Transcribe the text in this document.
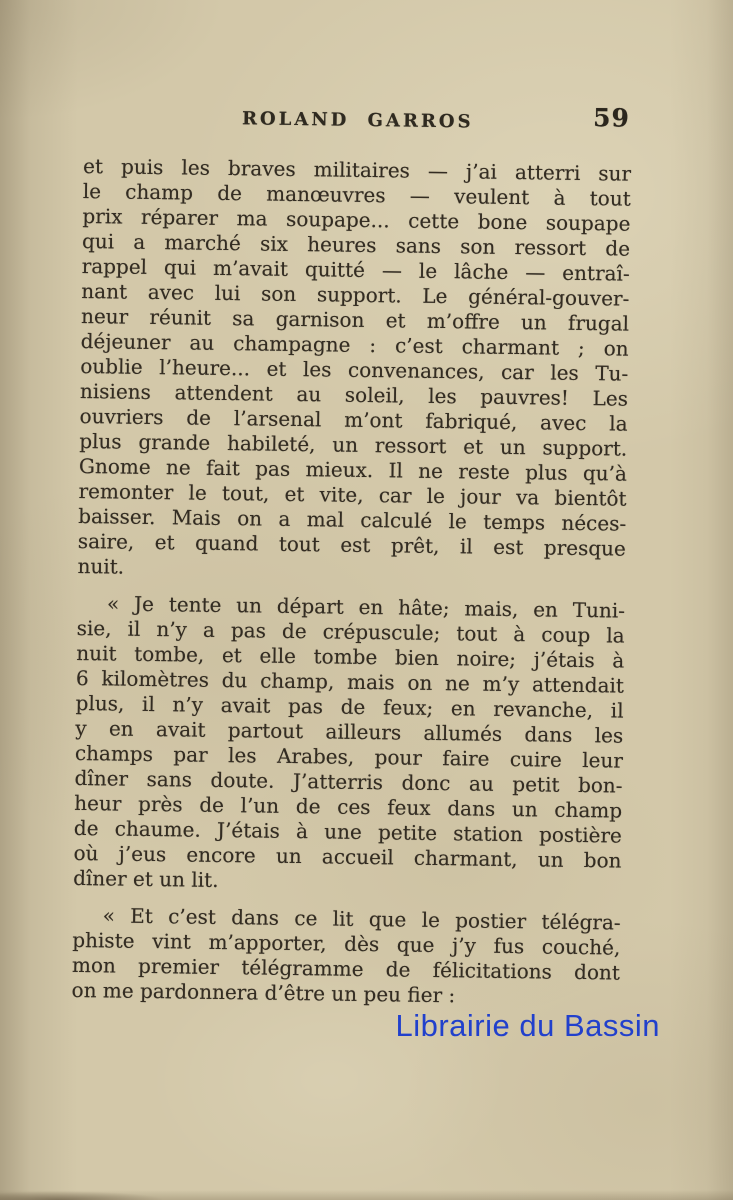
ROLAND GARROS	59
et puis les braves militaires — j’ai atterri sur
le champ de manœuvres — veulent à tout
prix réparer ma soupape... cette bone soupape
qui a marché six heures sans son ressort de
rappel qui m’avait quitté — le lâche — entraî-
nant avec lui son support. Le général-gouver-
neur réunit sa garnison et m’offre un frugal
déjeuner au champagne : c’est charmant ; on
oublie l’heure... et les convenances, car les Tu-
nisiens attendent au soleil, les pauvres! Les
ouvriers de l’arsenal m’ont fabriqué, avec la
plus grande habileté, un ressort et un support.
Gnome ne fait pas mieux. Il ne reste plus qu’à
remonter le tout, et vite, car le jour va bientôt
baisser. Mais on a mal calculé le temps néces-
saire, et quand tout est prêt, il est presque
nuit.
« Je tente un départ en hâte; mais, en Tuni-
sie, il n’y a pas de crépuscule; tout à coup la
nuit tombe, et elle tombe bien noire; j’étais à
6 kilomètres du champ, mais on ne m’y attendait
plus, il n’y avait pas de feux; en revanche, il
y en avait partout ailleurs allumés dans les
champs par les Arabes, pour faire cuire leur
dîner sans doute. J’atterris donc au petit bon-
heur près de l’un de ces feux dans un champ
de chaume. J’étais à une petite station postière
où j’eus encore un accueil charmant, un bon
dîner et un lit.
« Et c’est dans ce lit que le postier télégra-
phiste vint m’apporter, dès que j’y fus couché,
mon premier télégramme de félicitations dont
on me pardonnera d’être un peu fier :
Librairie du Bassin
